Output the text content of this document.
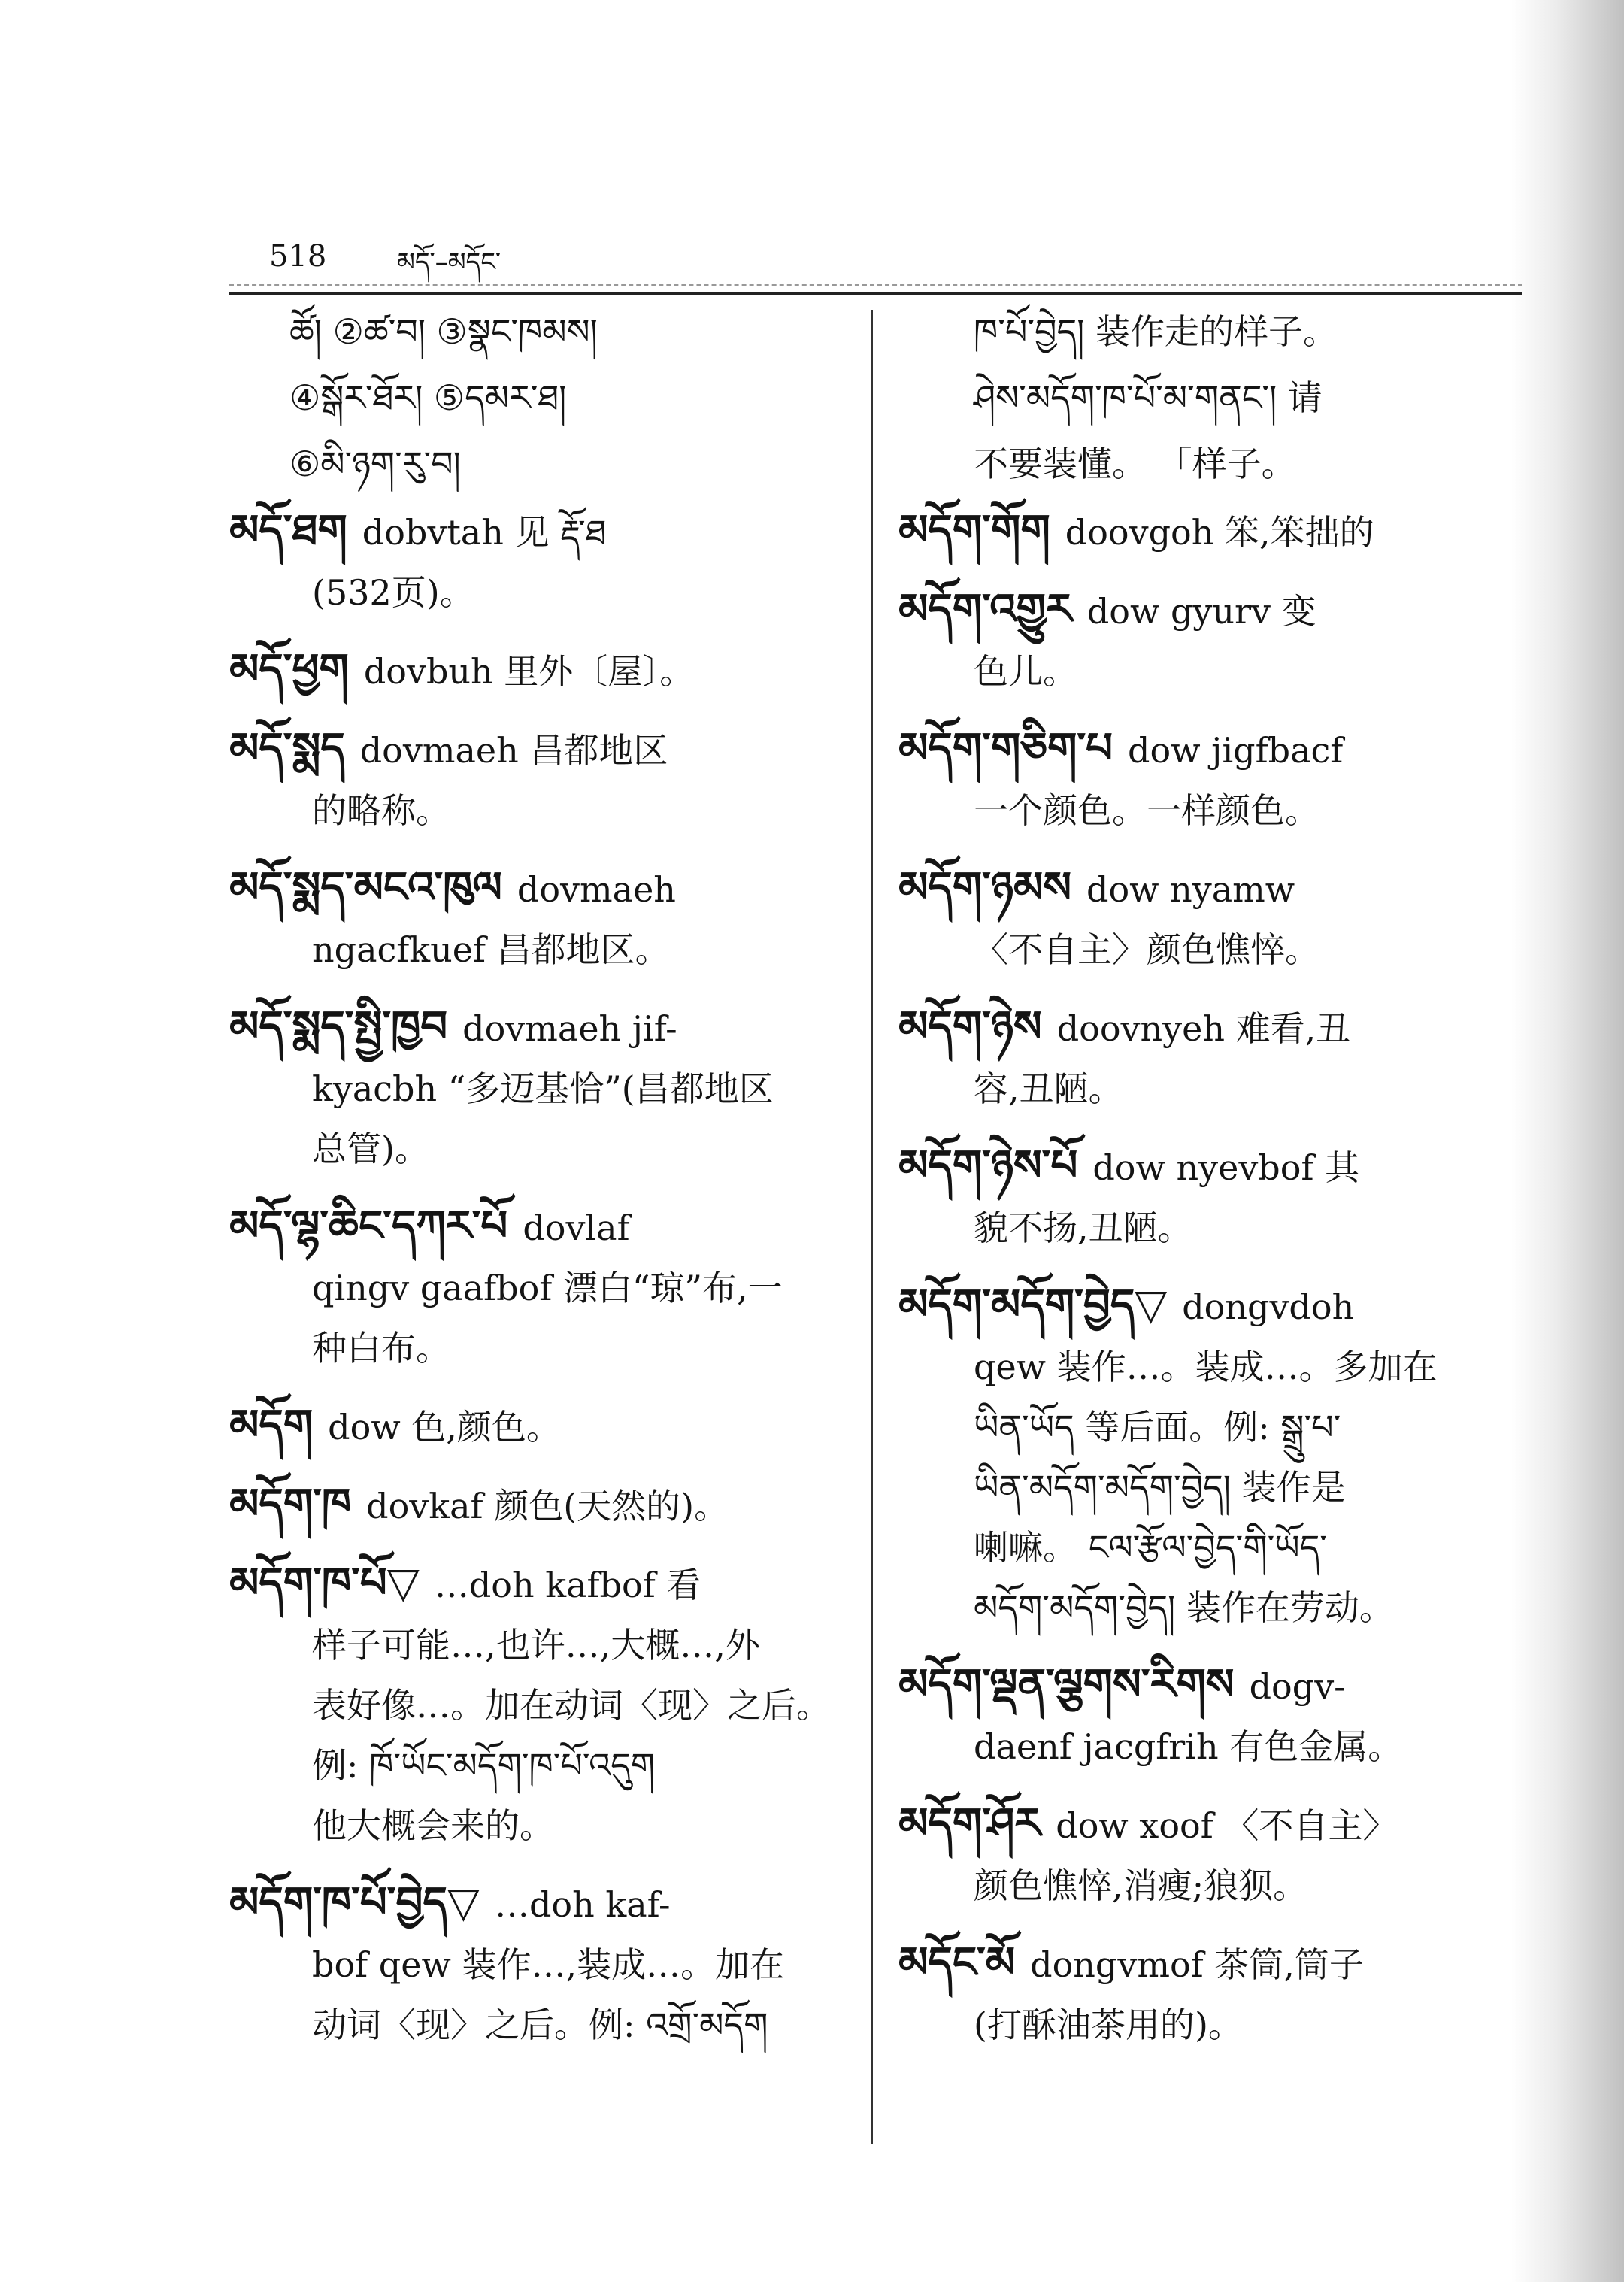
518	མདོ་–མདོང་
ཚོ། ②ཚ་བ། ③སྣང་ཁམས།
④སྒོར་ཐོར། ⑤དམར་ཐ།
⑥མི་ཉག་རུ་བ།
མདོ་ཐག dobvtah 见 རྡོ་ཐ
(532页)。
མདོ་ཕྱག dovbuh 里外〔屋〕。
མདོ་སྨད dovmaeh 昌都地区
的略称。
མདོ་སྨད་མངའ་ཁུལ dovmaeh
ngacfkuef 昌都地区。
མདོ་སྨད་སྤྱི་ཁྱབ dovmaeh jif-
kyacbh “多迈基恰”(昌都地区
总管)。
མདོ་ལྷ་ཆིང་དཀར་པོ dovlaf
qingv gaafbof 漂白“琼”布,一
种白布。
མདོག dow 色,颜色。
མདོག་ཁ dovkaf 颜色(天然的)。
མདོག་ཁ་པོ▽ …doh kafbof 看
样子可能…,也许…,大概…,外
表好像…。加在动词〈现〉之后。
例: ཁོ་ཡོང་མདོག་ཁ་པོ་འདུག
他大概会来的。
མདོག་ཁ་པོ་བྱེད▽ …doh kaf-
bof qew 装作…,装成…。加在
动词〈现〉之后。例: འགྲོ་མདོག
ཁ་པོ་བྱེད། 装作走的样子。
ཤེས་མདོག་ཁ་པོ་མ་གནང་། 请
不要装懂。 「样子。
མདོག་གོག doovgoh 笨,笨拙的
མདོག་འགྱུར dow gyurv 变
色儿。
མདོག་གཅིག་པ dow jigfbacf
一个颜色。一样颜色。
མདོག་ཉམས dow nyamw
〈不自主〉颜色憔悴。
མདོག་ཉེས doovnyeh 难看,丑
容,丑陋。
མདོག་ཉེས་པོ dow nyevbof 其
貌不扬,丑陋。
མདོག་མདོག་བྱེད▽ dongvdoh
qew 装作…。装成…。多加在
ཡིན་ཡོད 等后面。例: སྒྲུ་པ་
ཡིན་མདོག་མདོག་བྱེད། 装作是
喇嘛。 ངལ་རྩོལ་བྱེད་གི་ཡོད་
མདོག་མདོག་བྱེད། 装作在劳动。
མདོག་ལྡན་ལྕགས་རིགས dogv-
daenf jacgfrih 有色金属。
མདོག་ཤོར dow xoof 〈不自主〉
颜色憔悴,消瘦;狼狈。
མདོང་མོ dongvmof 茶筒,筒子
(打酥油茶用的)。
